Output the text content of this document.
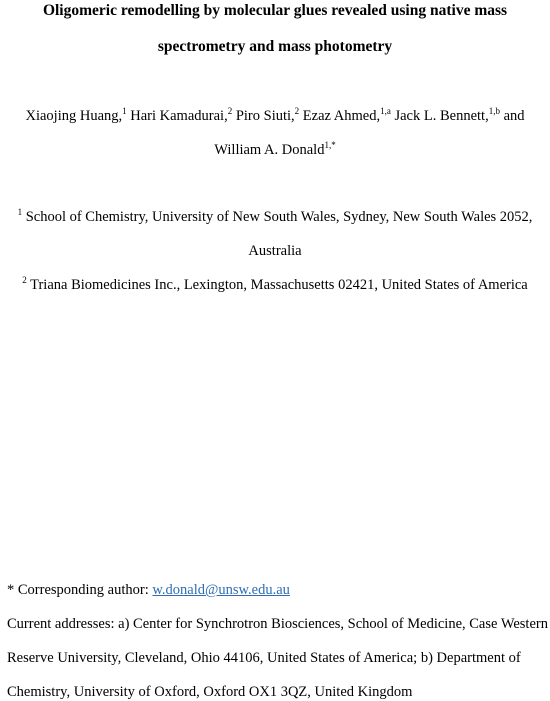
Oligomeric remodelling by molecular glues revealed using native mass
spectrometry and mass photometry
Xiaojing Huang,$^1$ Hari Kamadurai,$^2$ Piro Siuti,$^2$ Ezaz Ahmed,$^{1,a}$ Jack L. Bennett,$^{1,b}$ and
William A. Donald$^{1,*}$
$^1$ School of Chemistry, University of New South Wales, Sydney, New South Wales 2052,
Australia
$^2$ Triana Biomedicines Inc., Lexington, Massachusetts 02421, United States of America
* Corresponding author: w.donald@unsw.edu.au
Current addresses: a) Center for Synchrotron Biosciences, School of Medicine, Case Western
Reserve University, Cleveland, Ohio 44106, United States of America; b) Department of
Chemistry, University of Oxford, Oxford OX1 3QZ, United Kingdom
